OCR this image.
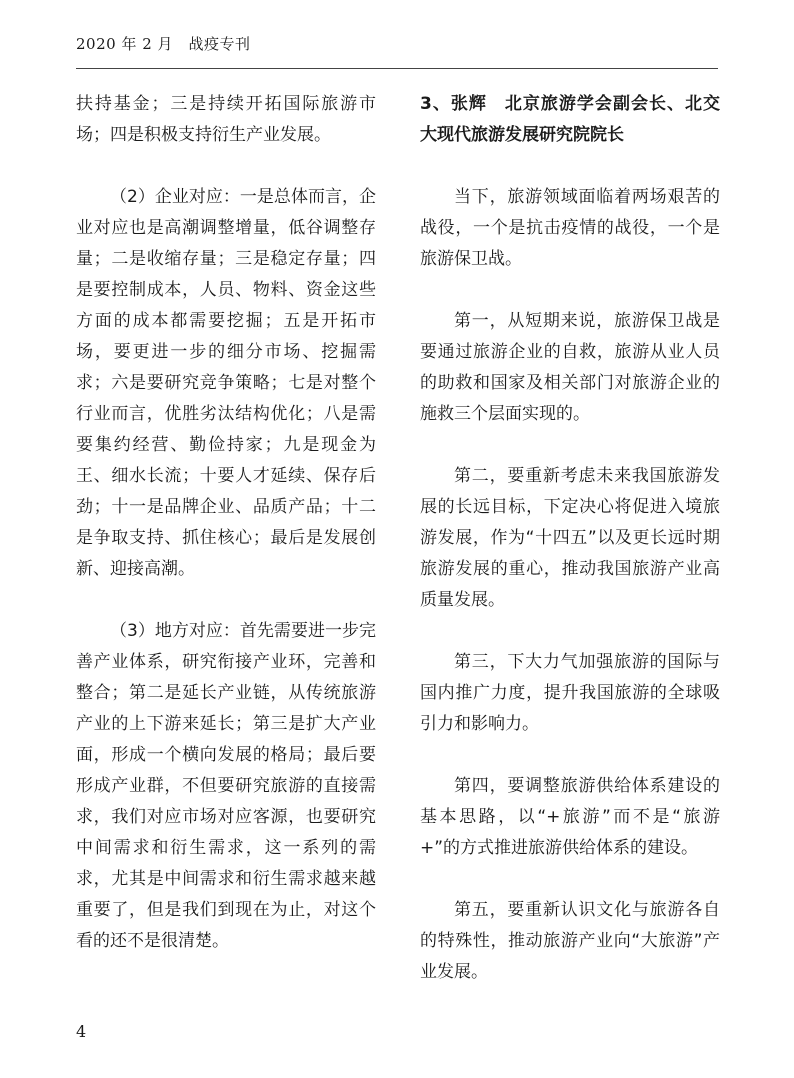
2020 年 2 月　战疫专刊

扶持基金；三是持续开拓国际旅游市场；四是积极支持衍生产业发展。

（2）企业对应：一是总体而言，企业对应也是高潮调整增量，低谷调整存量；二是收缩存量；三是稳定存量；四是要控制成本，人员、物料、资金这些方面的成本都需要挖掘；五是开拓市场，要更进一步的细分市场、挖掘需求；六是要研究竞争策略；七是对整个行业而言，优胜劣汰结构优化；八是需要集约经营、勤俭持家；九是现金为王、细水长流；十要人才延续、保存后劲；十一是品牌企业、品质产品；十二是争取支持、抓住核心；最后是发展创新、迎接高潮。

（3）地方对应：首先需要进一步完善产业体系，研究衔接产业环，完善和整合；第二是延长产业链，从传统旅游产业的上下游来延长；第三是扩大产业面，形成一个横向发展的格局；最后要形成产业群，不但要研究旅游的直接需求，我们对应市场对应客源，也要研究中间需求和衍生需求，这一系列的需求，尤其是中间需求和衍生需求越来越重要了，但是我们到现在为止，对这个看的还不是很清楚。

3、张辉　北京旅游学会副会长、北交大现代旅游发展研究院院长

当下，旅游领域面临着两场艰苦的战役，一个是抗击疫情的战役，一个是旅游保卫战。

第一，从短期来说，旅游保卫战是要通过旅游企业的自救，旅游从业人员的助救和国家及相关部门对旅游企业的施救三个层面实现的。

第二，要重新考虑未来我国旅游发展的长远目标，下定决心将促进入境旅游发展，作为“十四五”以及更长远时期旅游发展的重心，推动我国旅游产业高质量发展。

第三，下大力气加强旅游的国际与国内推广力度，提升我国旅游的全球吸引力和影响力。

第四，要调整旅游供给体系建设的基本思路，以“+旅游”而不是“旅游+”的方式推进旅游供给体系的建设。

第五，要重新认识文化与旅游各自的特殊性，推动旅游产业向“大旅游”产业发展。

4
